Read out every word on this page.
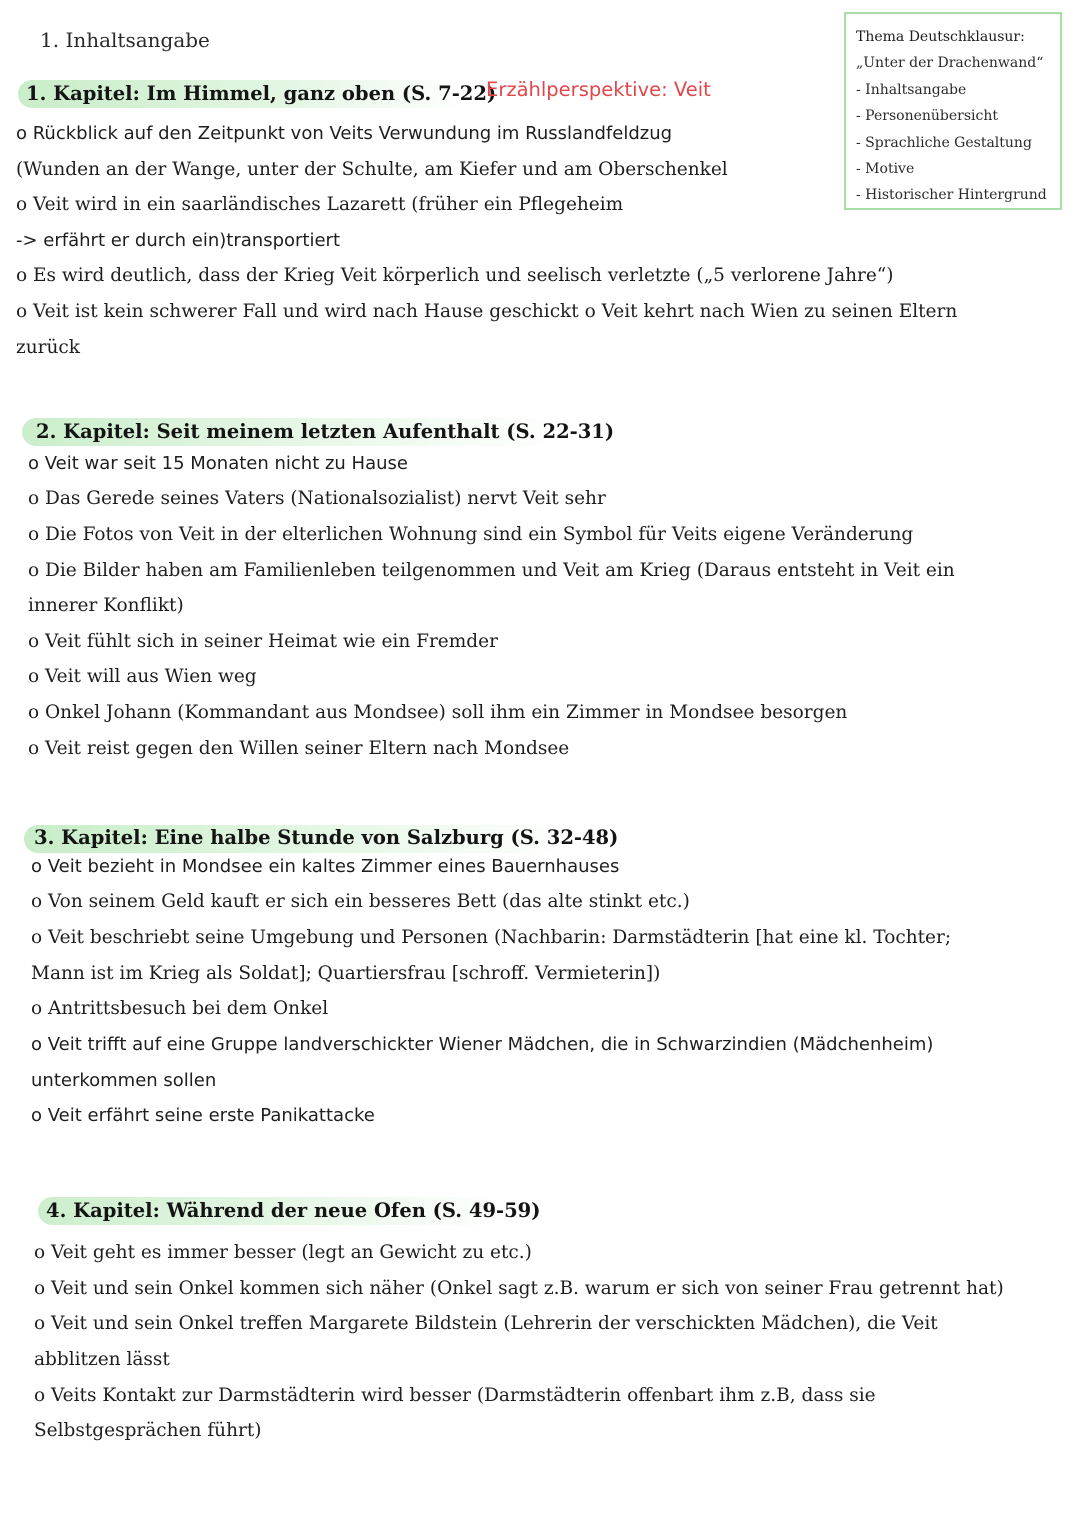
1. Inhaltsangabe	Thema Deutschklausur:
„Unter der Drachenwand“
- Inhaltsangabe
- Personenübersicht
- Sprachliche Gestaltung
- Motive
- Historischer Hintergrund
1. Kapitel: Im Himmel, ganz oben (S. 7-22)
Erzählperspektive: Veit
o Rückblick auf den Zeitpunkt von Veits Verwundung im Russlandfeldzug
(Wunden an der Wange, unter der Schulte, am Kiefer und am Oberschenkel
o Veit wird in ein saarländisches Lazarett (früher ein Pflegeheim
-> erfährt er durch ein)transportiert
o Es wird deutlich, dass der Krieg Veit körperlich und seelisch verletzte („5 verlorene Jahre“)
o Veit ist kein schwerer Fall und wird nach Hause geschickt o Veit kehrt nach Wien zu seinen Eltern
zurück
2. Kapitel: Seit meinem letzten Aufenthalt (S. 22-31)
o Veit war seit 15 Monaten nicht zu Hause
o Das Gerede seines Vaters (Nationalsozialist) nervt Veit sehr
o Die Fotos von Veit in der elterlichen Wohnung sind ein Symbol für Veits eigene Veränderung
o Die Bilder haben am Familienleben teilgenommen und Veit am Krieg (Daraus entsteht in Veit ein
innerer Konflikt)
o Veit fühlt sich in seiner Heimat wie ein Fremder
o Veit will aus Wien weg
o Onkel Johann (Kommandant aus Mondsee) soll ihm ein Zimmer in Mondsee besorgen
o Veit reist gegen den Willen seiner Eltern nach Mondsee
3. Kapitel: Eine halbe Stunde von Salzburg (S. 32-48)
o Veit bezieht in Mondsee ein kaltes Zimmer eines Bauernhauses
o Von seinem Geld kauft er sich ein besseres Bett (das alte stinkt etc.)
o Veit beschriebt seine Umgebung und Personen (Nachbarin: Darmstädterin [hat eine kl. Tochter;
Mann ist im Krieg als Soldat]; Quartiersfrau [schroff. Vermieterin])
o Antrittsbesuch bei dem Onkel
o Veit trifft auf eine Gruppe landverschickter Wiener Mädchen, die in Schwarzindien (Mädchenheim)
unterkommen sollen
o Veit erfährt seine erste Panikattacke
4. Kapitel: Während der neue Ofen (S. 49-59)
o Veit geht es immer besser (legt an Gewicht zu etc.)
o Veit und sein Onkel kommen sich näher (Onkel sagt z.B. warum er sich von seiner Frau getrennt hat)
o Veit und sein Onkel treffen Margarete Bildstein (Lehrerin der verschickten Mädchen), die Veit
abblitzen lässt
o Veits Kontakt zur Darmstädterin wird besser (Darmstädterin offenbart ihm z.B, dass sie
Selbstgesprächen führt)
